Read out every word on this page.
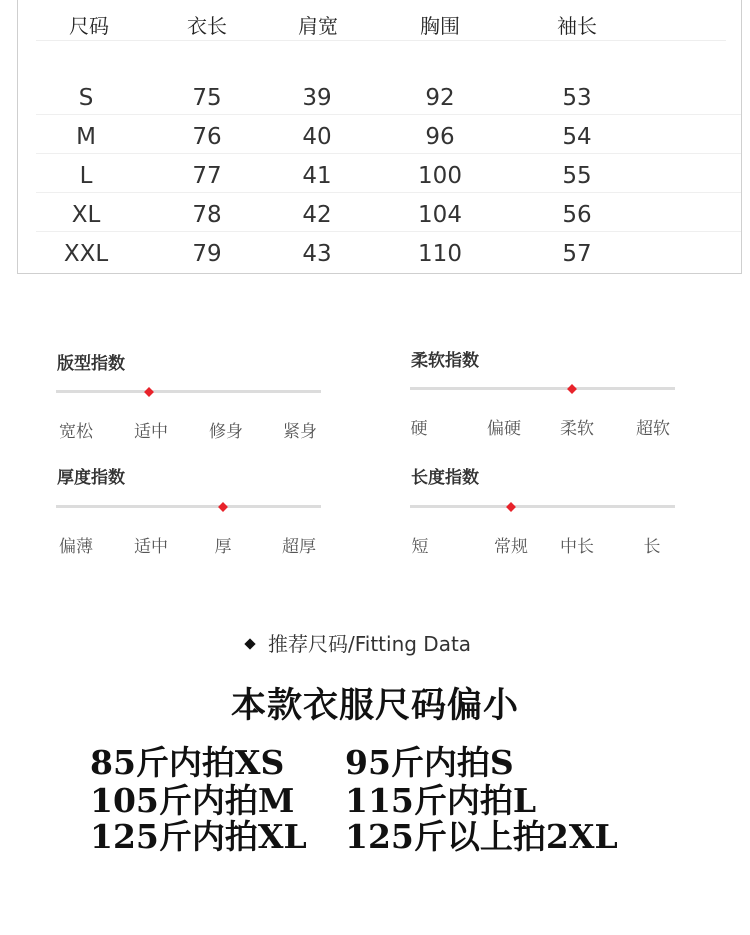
尺码	衣长	肩宽	胸围	袖长
S	75	39	92	53
M	76	40	96	54
L	77	41	100	55
XL	78	42	104	56
XXL	79	43	110	57
版型指数
宽松 适中 修身 紧身
柔软指数
硬	偏硬 柔软 超软
厚度指数
偏薄 适中	厚	超厚
长度指数
短	常规 中长	长
推荐尺码/Fitting Data
本款衣服尺码偏小
85斤内拍XS 95斤内拍S
105斤内拍M 115斤内拍L
125斤内拍XL 125斤以上拍2XL
